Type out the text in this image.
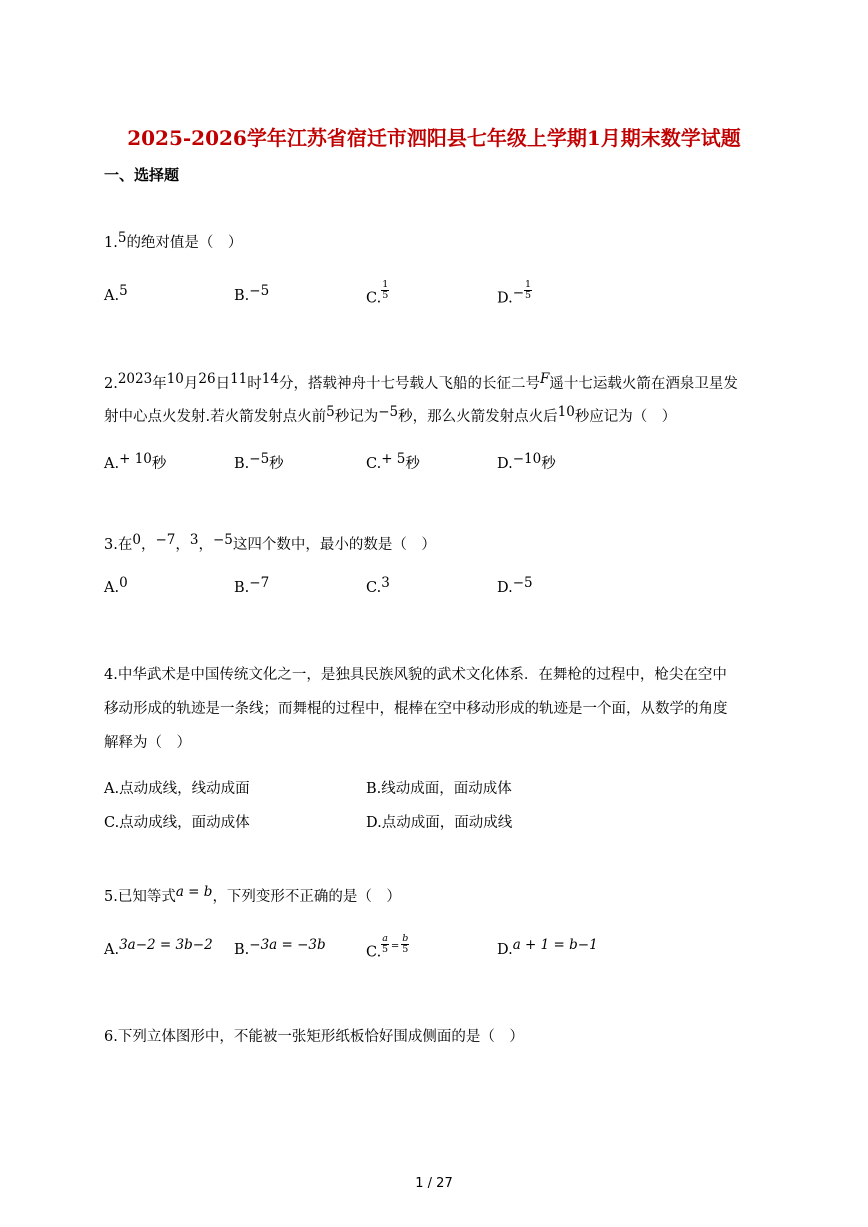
2025-2026学年江苏省宿迁市泗阳县七年级上学期1月期末数学试题
一、选择题
1.5的绝对值是（　）
A.5	B.−5	C. $\frac{1}{5}$	$D.- \frac{1}{5}$
2.2023年10月26日11时14分，搭载神舟十七号载人飞船的长征二号F遥十七运载火箭在酒泉卫星发
射中心点火发射.若火箭发射点火前5秒记为−5秒，那么火箭发射点火后10秒应记为（　）
A.+ 10秒	B.−5秒	C.+ 5秒	D.−10秒
3.在0，−7，3，−5这四个数中，最小的数是（　）
A.0	B.−7	C.3	D.−5
4.中华武术是中国传统文化之一，是独具民族风貌的武术文化体系．在舞枪的过程中，枪尖在空中
移动形成的轨迹是一条线；而舞棍的过程中，棍棒在空中移动形成的轨迹是一个面，从数学的角度
解释为（　）
A.点动成线，线动成面	B.线动成面，面动成体
C.点动成线，面动成体	D.点动成面，面动成线
5.已知等式a = b，下列变形不正确的是（　）
A.3a−2 = 3b−2 B.−3a = −3b	C. $\frac{a}{5} ^= \frac{b}{5}$	D.a + 1 = b−1
6.下列立体图形中，不能被一张矩形纸板恰好围成侧面的是（　）
1 / 27
